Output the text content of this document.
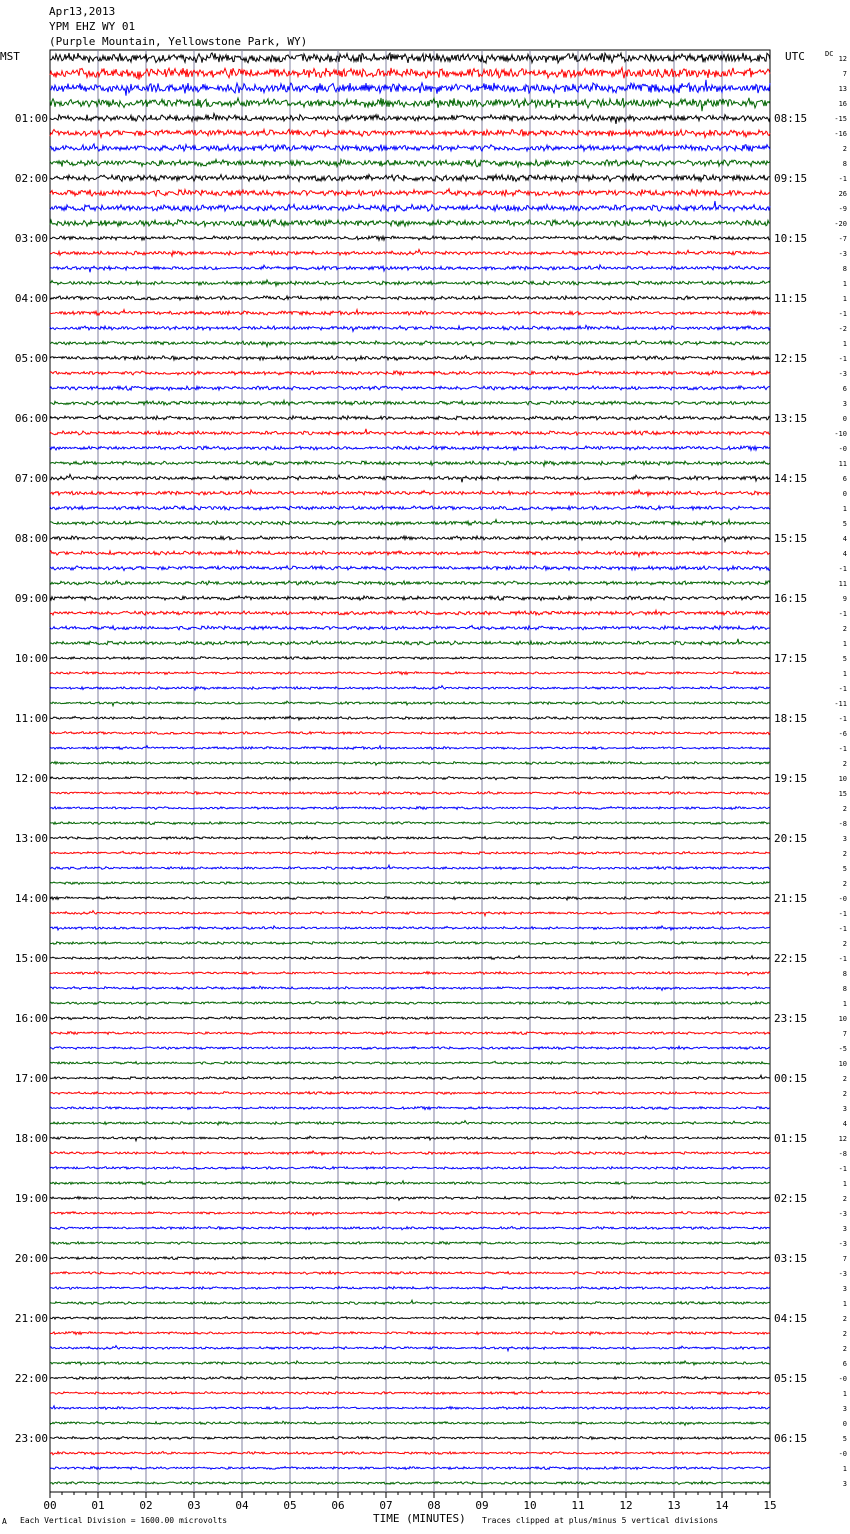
Apr13,2013
YPM EHZ WY 01
(Purple Mountain, Yellowstone Park, WY)
MST	UTC	DC
12
7
13
16
-15
-16
2
8
-1
26
-9
-20
-7
-3
8
1
1
-1
-2
1
-1
-3
6
3
0
-10
-0
11
6
0
1
5
4
4
-1
11
9
-1
2
1
5
1
-1
-11
-1
-6
-1
2
10
15
2
-8
3
2
5
2
-0
-1
-1
2
-1
8
8
1
10
7
-5
10
2
2
3
4
12
-8
-1
1
2
-3
3
-3
7
-3
3
1
2
2
2
6
-0
1
3
0
5
-0
1
3
01:00	08:15
02:00	09:15
03:00	10:15
04:00	11:15
05:00	12:15
06:00	13:15
07:00	14:15
08:00	15:15
09:00	16:15
10:00	17:15
11:00	18:15
12:00	19:15
13:00	20:15
14:00	21:15
15:00	22:15
16:00	23:15
17:00	00:15
18:00	01:15
19:00	02:15
20:00	03:15
21:00	04:15
22:00	05:15
23:00	06:15
00	01	02	03	04	05	06	07	08	09	10	11	12	13	14	15
A Each Vertical Division = 1600.00 microvolts	TIME (MINUTES) Traces clipped at plus/minus 5 vertical divisions
